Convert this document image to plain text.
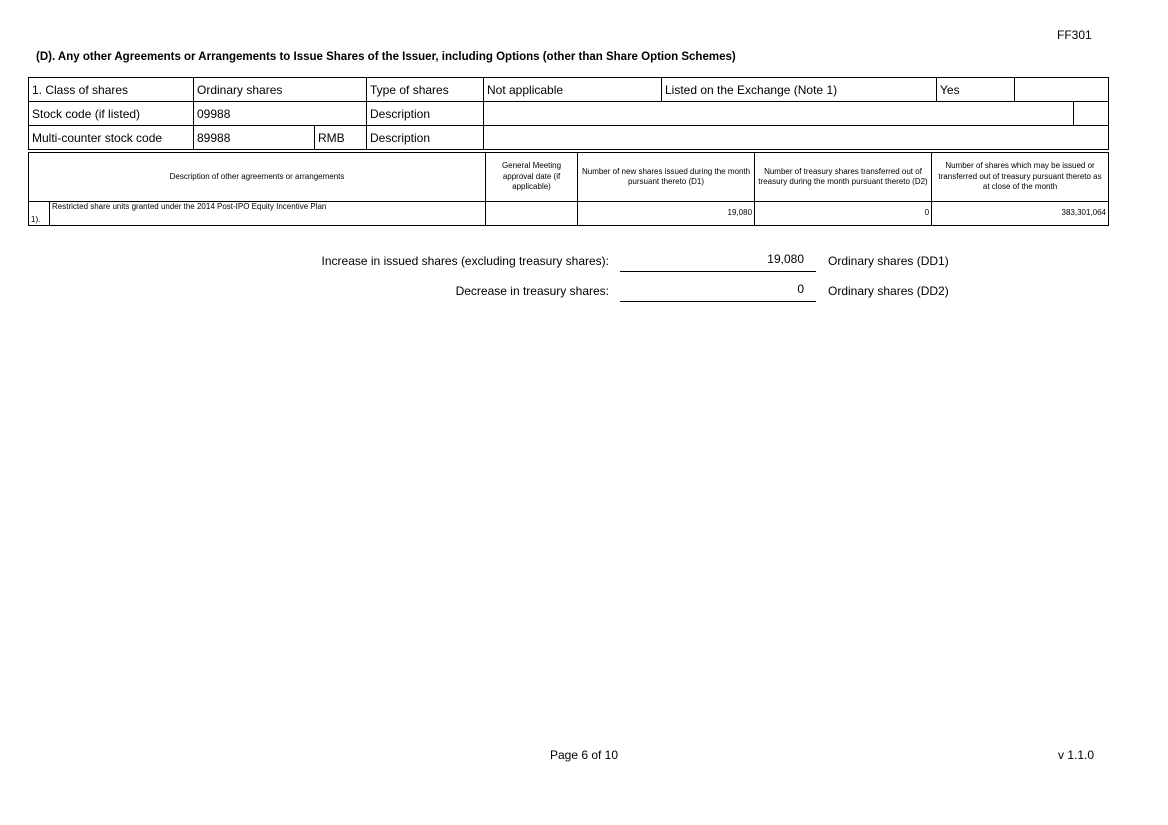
FF301
(D). Any other Agreements or Arrangements to Issue Shares of the Issuer, including Options (other than Share Option Schemes)
1. Class of shares	Ordinary shares		Type of shares	Not applicable	Listed on the Exchange (Note 1)	Yes		
Stock code (if listed)	09988		Description					
Multi-counter stock code	89988	RMB	Description					
Description of other agreements or arrangements		General Meeting approval date (if applicable)	Number of new shares issued during the month pursuant thereto (D1)	Number of treasury shares transferred out of treasury during the month pursuant thereto (D2)	Number of shares which may be issued or transferred out of treasury pursuant thereto as at close of the month
1).	Restricted share units granted under the 2014 Post-IPO Equity Incentive Plan		19,080	0	383,301,064
Increase in issued shares (excluding treasury shares):	19,080	Ordinary shares (DD1)
Decrease in treasury shares:	0	Ordinary shares (DD2)
Page 6 of 10	v 1.1.0
